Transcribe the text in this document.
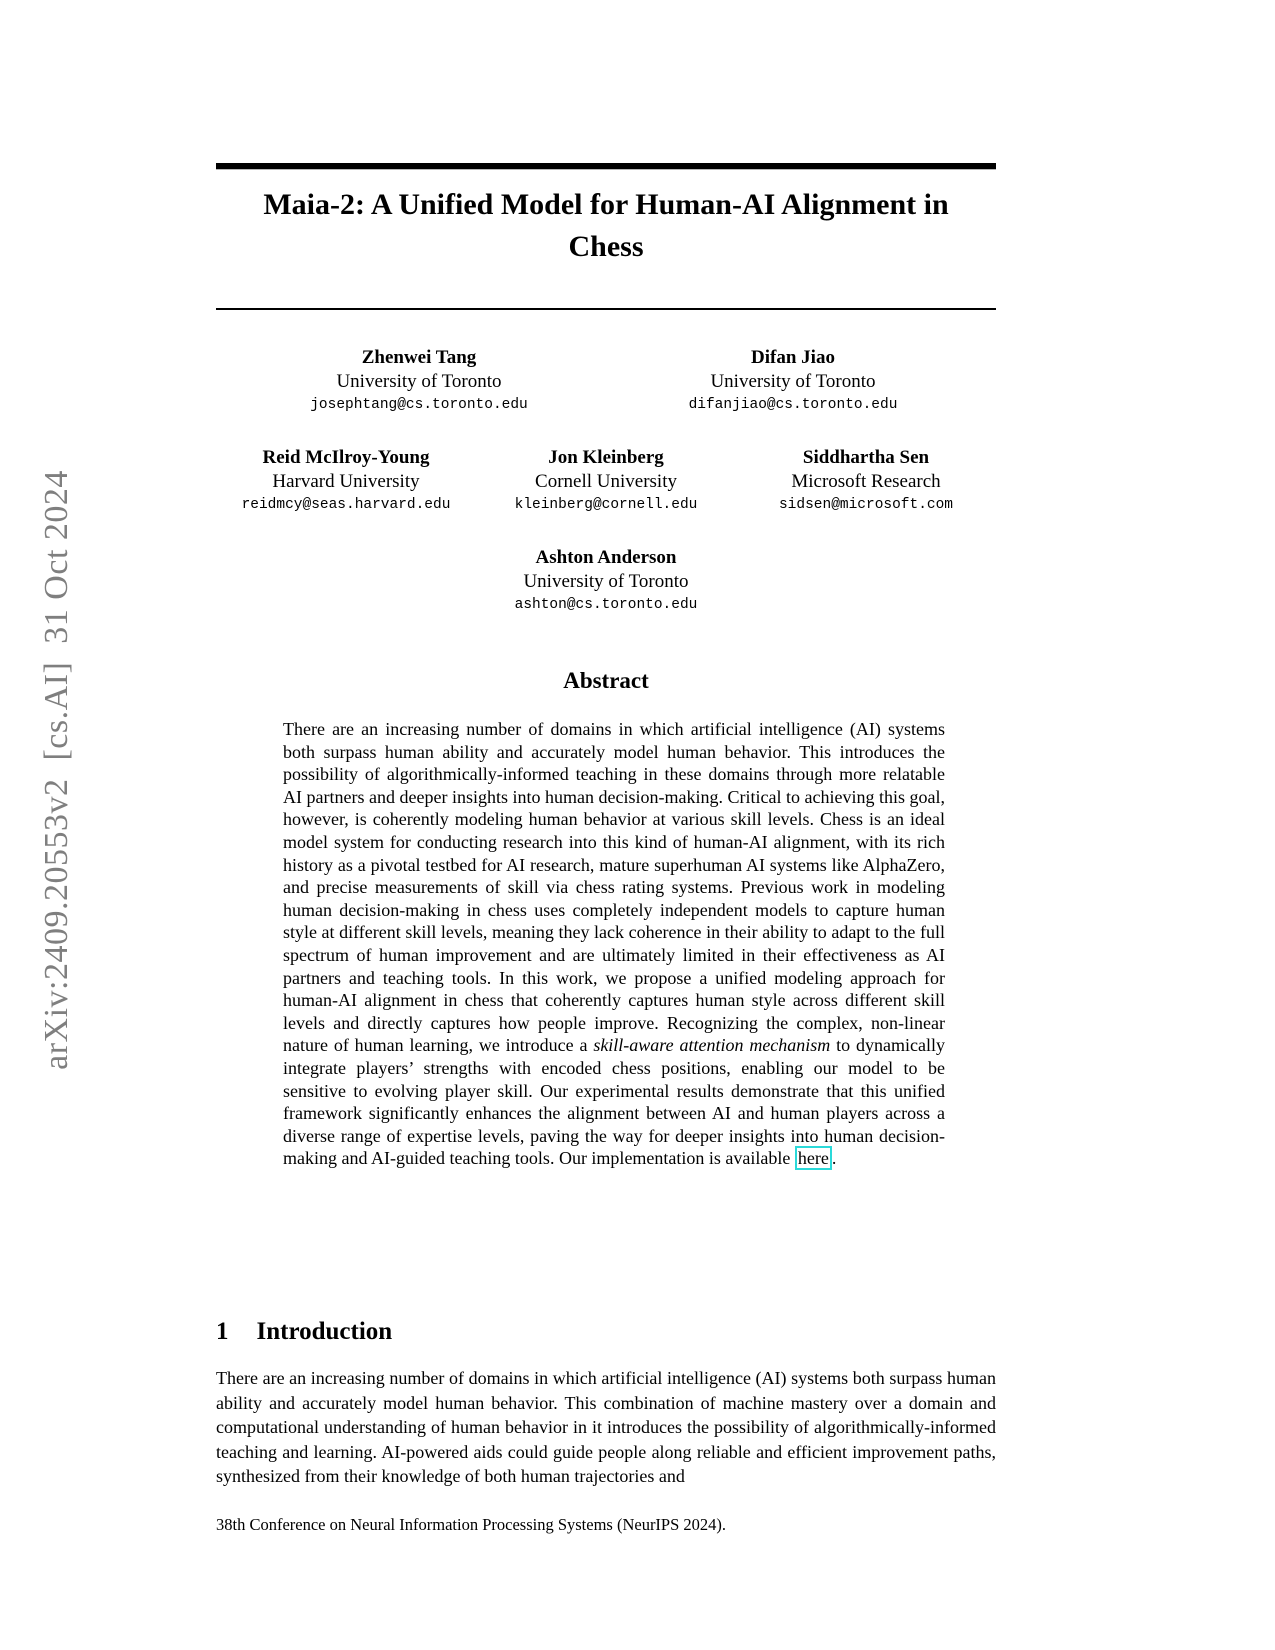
arXiv:2409.20553v2  [cs.AI]  31 Oct 2024
Maia-2: A Unified Model for Human-AI Alignment in
Chess
Zhenwei Tang
University of Toronto
josephtang@cs.toronto.edu
Difan Jiao
University of Toronto
difanjiao@cs.toronto.edu
Reid McIlroy-Young
Harvard University
reidmcy@seas.harvard.edu
Jon Kleinberg
Cornell University
kleinberg@cornell.edu
Siddhartha Sen
Microsoft Research
sidsen@microsoft.com
Ashton Anderson
University of Toronto
ashton@cs.toronto.edu
Abstract

There are an increasing number of domains in which artificial intelligence (AI) systems both surpass human ability and accurately model human behavior. This introduces the possibility of algorithmically-informed teaching in these domains through more relatable AI partners and deeper insights into human decision-making. Critical to achieving this goal, however, is coherently modeling human behavior at various skill levels. Chess is an ideal model system for conducting research into this kind of human-AI alignment, with its rich history as a pivotal testbed for AI research, mature superhuman AI systems like AlphaZero, and precise measurements of skill via chess rating systems. Previous work in modeling human decision-making in chess uses completely independent models to capture human style at different skill levels, meaning they lack coherence in their ability to adapt to the full spectrum of human improvement and are ultimately limited in their effectiveness as AI partners and teaching tools. In this work, we propose a unified modeling approach for human-AI alignment in chess that coherently captures human style across different skill levels and directly captures how people improve. Recognizing the complex, non-linear nature of human learning, we introduce a skill-aware attention mechanism to dynamically integrate players’ strengths with encoded chess positions, enabling our model to be sensitive to evolving player skill. Our experimental results demonstrate that this unified framework significantly enhances the alignment between AI and human players across a diverse range of expertise levels, paving the way for deeper insights into human decision-making and AI-guided teaching tools. Our implementation is available here .

1 Introduction

There are an increasing number of domains in which artificial intelligence (AI) systems both surpass human ability and accurately model human behavior. This combination of machine mastery over a domain and computational understanding of human behavior in it introduces the possibility of algorithmically-informed teaching and learning. AI-powered aids could guide people along reliable and efficient improvement paths, synthesized from their knowledge of both human trajectories and

38th Conference on Neural Information Processing Systems (NeurIPS 2024).
